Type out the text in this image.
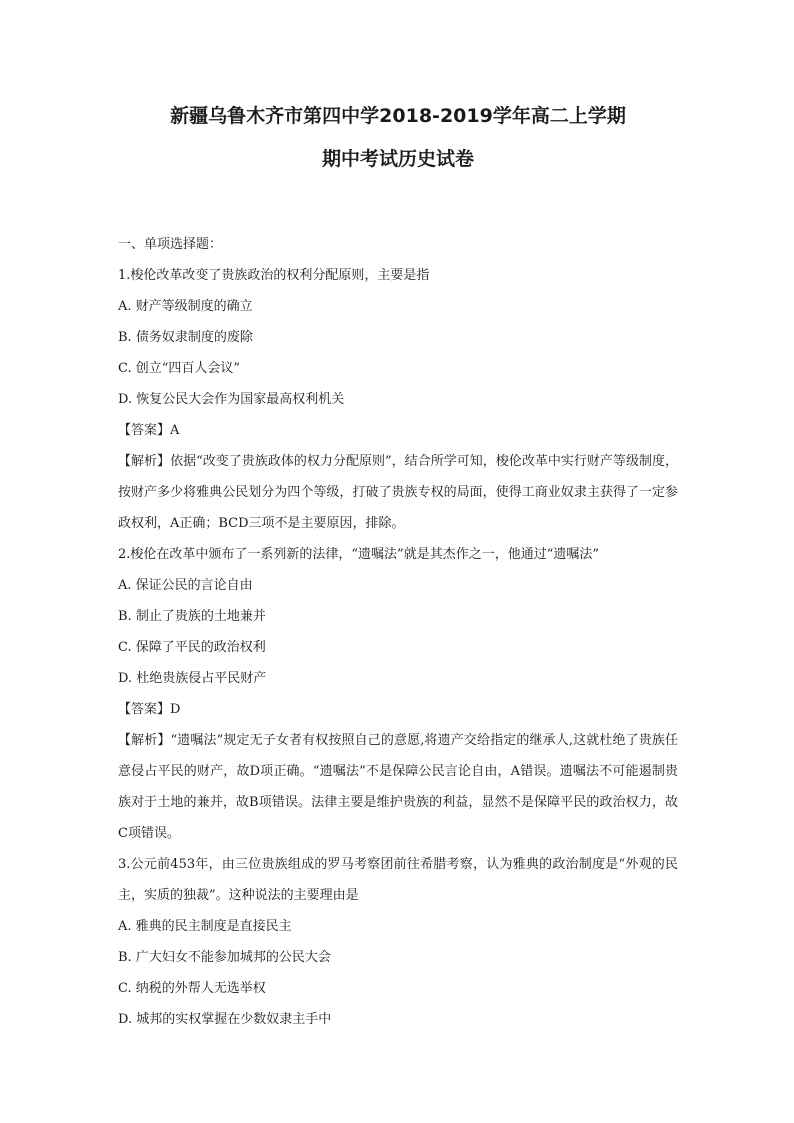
新疆乌鲁木齐市第四中学2018-2019学年高二上学期
期中考试历史试卷
一、单项选择题：
1.梭伦改革改变了贵族政治的权利分配原则，主要是指
A. 财产等级制度的确立
B. 债务奴隶制度的废除
C. 创立“四百人会议”
D. 恢复公民大会作为国家最高权利机关
【答案】A
【解析】依据“改变了贵族政体的权力分配原则”，结合所学可知，梭伦改革中实行财产等级制度，按财产多少将雅典公民划分为四个等级，打破了贵族专权的局面，使得工商业奴隶主获得了一定参政权利，A正确；BCD三项不是主要原因，排除。
2.梭伦在改革中颁布了一系列新的法律，“遗嘱法”就是其杰作之一，他通过“遗嘱法”
A. 保证公民的言论自由
B. 制止了贵族的土地兼并
C. 保障了平民的政治权利
D. 杜绝贵族侵占平民财产
【答案】D
【解析】“遗嘱法”规定无子女者有权按照自己的意愿,将遗产交给指定的继承人,这就杜绝了贵族任意侵占平民的财产，故D项正确。“遗嘱法”不是保障公民言论自由，A错误。遗嘱法不可能遏制贵族对于土地的兼并，故B项错误。法律主要是维护贵族的利益，显然不是保障平民的政治权力，故C项错误。
3.公元前453年，由三位贵族组成的罗马考察团前往希腊考察，认为雅典的政治制度是“外观的民主，实质的独裁”。这种说法的主要理由是
A. 雅典的民主制度是直接民主
B. 广大妇女不能参加城邦的公民大会
C. 纳税的外帮人无选举权
D. 城邦的实权掌握在少数奴隶主手中
